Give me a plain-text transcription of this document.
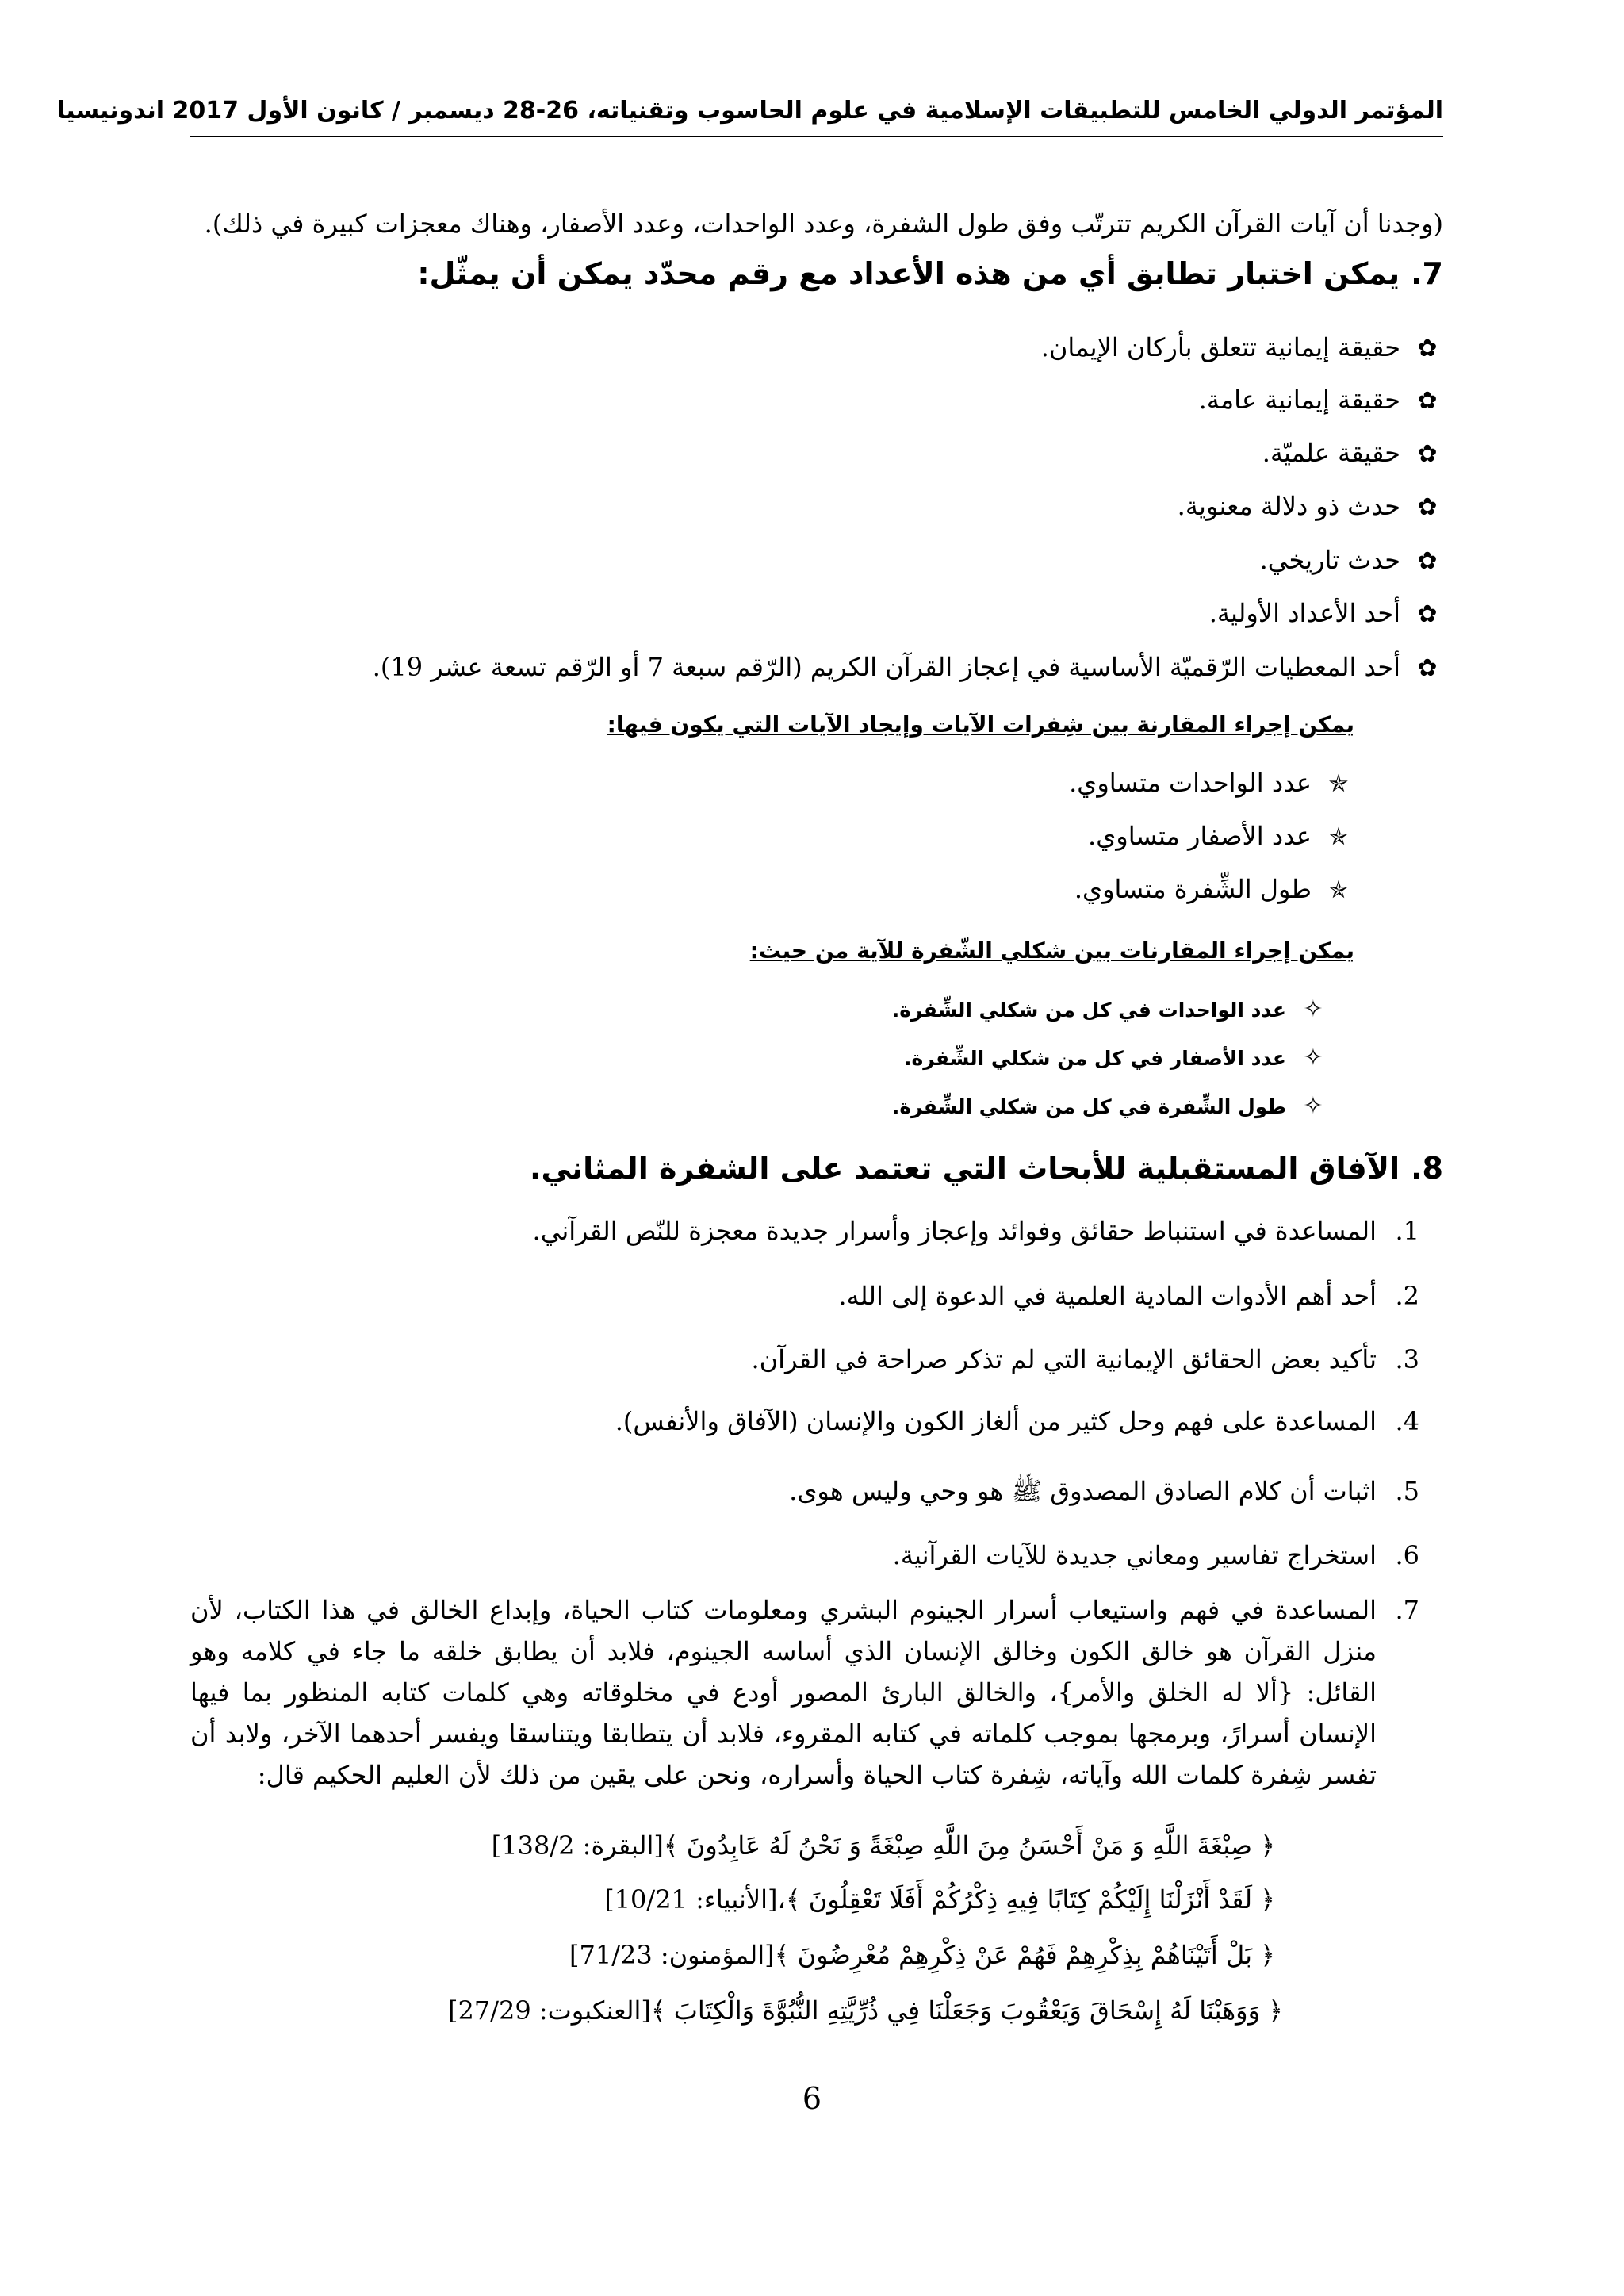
المؤتمر الدولي الخامس للتطبيقات الإسلامية في علوم الحاسوب وتقنياته، 26-28 ديسمبر / كانون الأول 2017 اندونيسيا
(وجدنا أن آيات القرآن الكريم تترتّب وفق طول الشفرة، وعدد الواحدات، وعدد الأصفار، وهناك معجزات كبيرة في ذلك).
7.يمكن اختبار تطابق أي من هذه الأعداد مع رقم محدّد يمكن أن يمثّل:
✿حقيقة إيمانية تتعلق بأركان الإيمان.
✿حقيقة إيمانية عامة.
✿حقيقة علميّة.
✿حدث ذو دلالة معنوية.
✿حدث تاريخي.
✿أحد الأعداد الأولية.
✿أحد المعطيات الرّقميّة الأساسية في إعجاز القرآن الكريم (الرّقم سبعة 7 أو الرّقم تسعة عشر 19).
يمكن إجراء المقارنة بين شِفرات الآيات وإيجاد الآيات التي يكون فيها:
✯عدد الواحدات متساوي.
✯عدد الأصفار متساوي.
✯طول الشِّفرة متساوي.
يمكن إجراء المقارنات بين شكلي الشّفرة للآية من حيث:
✧عدد الواحدات في كل من شكلي الشِّفرة.
✧عدد الأصفار في كل من شكلي الشِّفرة.
✧طول الشِّفرة في كل من شكلي الشِّفرة.
8.الآفاق المستقبلية للأبحاث التي تعتمد على الشفرة المثاني.
1.المساعدة في استنباط حقائق وفوائد وإعجاز وأسرار جديدة معجزة للنّص القرآني.
2.أحد أهم الأدوات المادية العلمية في الدعوة إلى الله.
3.تأكيد بعض الحقائق الإيمانية التي لم تذكر صراحة في القرآن.
4.المساعدة على فهم وحل كثير من ألغاز الكون والإنسان (الآفاق والأنفس).
5.اثبات أن كلام الصادق المصدوق ﷺ هو وحي وليس هوى.
6.استخراج تفاسير ومعاني جديدة للآيات القرآنية.
7.
المساعدة في فهم واستيعاب أسرار الجينوم البشري ومعلومات كتاب الحياة، وإبداع الخالق في هذا الكتاب، لأن منزل القرآن هو خالق الكون وخالق الإنسان الذي أساسه الجينوم، فلابد أن يطابق خلقه ما جاء في كلامه وهو القائل: {ألا له الخلق والأمر}، والخالق البارئ المصور أودع في مخلوقاته وهي كلمات كتابه المنظور بما فيها الإنسان أسرارً، وبرمجها بموجب كلماته في كتابه المقروء، فلابد أن يتطابقا ويتناسقا ويفسر أحدهما الآخر، ولابد أن تفسر شِفرة كلمات الله وآياته، شِفرة كتاب الحياة وأسراره، ونحن على يقين من ذلك لأن العليم الحكيم قال:
﴿ صِبْغَةَ اللَّهِ وَ مَنْ أَحْسَنُ مِنَ اللَّهِ صِبْغَةً وَ نَحْنُ لَهُ عَابِدُونَ ﴾[البقرة: 138/2]
﴿ لَقَدْ أَنْزَلْنَا إِلَيْكُمْ كِتَابًا فِيهِ ذِكْرُكُمْ أَفَلَا تَعْقِلُونَ ﴾،[الأنبياء: 10/21]
﴿ بَلْ أَتَيْنَاهُمْ بِذِكْرِهِمْ فَهُمْ عَنْ ذِكْرِهِمْ مُعْرِضُونَ ﴾[المؤمنون: 71/23]
﴿ وَوَهَبْنَا لَهُ إِسْحَاقَ وَيَعْقُوبَ وَجَعَلْنَا فِي ذُرِّيَّتِهِ النُّبُوَّةَ وَالْكِتَابَ ﴾[العنكبوت: 27/29]
6
